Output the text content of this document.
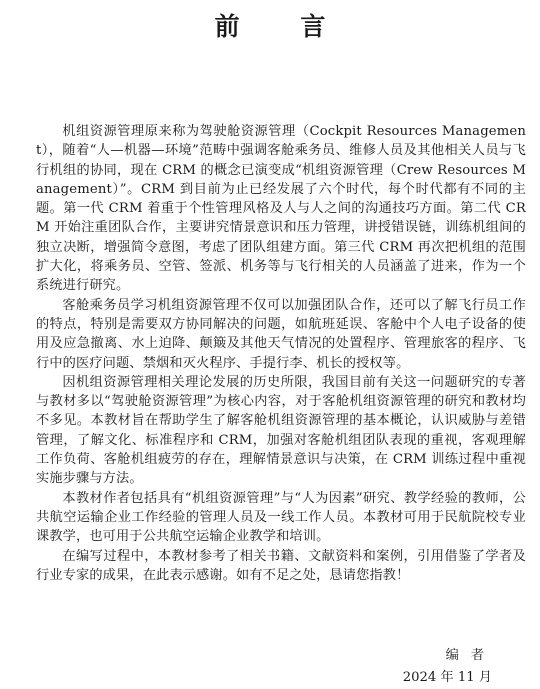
前 言

机组资源管理原来称为驾驶舱资源管理（Cockpit Resources Management），随着“人—机器—环境”范畴中强调客舱乘务员、维修人员及其他相关人员与飞行机组的协同，现在 CRM 的概念已演变成“机组资源管理（Crew Resources Management）”。CRM 到目前为止已经发展了六个时代，每个时代都有不同的主题。第一代 CRM 着重于个性管理风格及人与人之间的沟通技巧方面。第二代 CRM 开始注重团队合作，主要讲究情景意识和压力管理，讲授错误链，训练机组间的独立决断，增强简令意图，考虑了团队组建方面。第三代 CRM 再次把机组的范围扩大化，将乘务员、空管、签派、机务等与飞行相关的人员涵盖了进来，作为一个系统进行研究。

客舱乘务员学习机组资源管理不仅可以加强团队合作，还可以了解飞行员工作的特点，特别是需要双方协同解决的问题，如航班延误、客舱中个人电子设备的使用及应急撤离、水上迫降、颠簸及其他天气情况的处置程序、管理旅客的程序、飞行中的医疗问题、禁烟和灭火程序、手提行李、机长的授权等。

因机组资源管理相关理论发展的历史所限，我国目前有关这一问题研究的专著与教材多以“驾驶舱资源管理”为核心内容，对于客舱机组资源管理的研究和教材均不多见。本教材旨在帮助学生了解客舱机组资源管理的基本概论，认识威胁与差错管理，了解文化、标准程序和 CRM，加强对客舱机组团队表现的重视，客观理解工作负荷、客舱机组疲劳的存在，理解情景意识与决策，在 CRM 训练过程中重视实施步骤与方法。

本教材作者包括具有“机组资源管理”与“人为因素”研究、教学经验的教师，公共航空运输企业工作经验的管理人员及一线工作人员。本教材可用于民航院校专业课教学，也可用于公共航空运输企业教学和培训。

在编写过程中，本教材参考了相关书籍、文献资料和案例，引用借鉴了学者及行业专家的成果，在此表示感谢。如有不足之处，恳请您指教！

编者
2024 年 11 月
